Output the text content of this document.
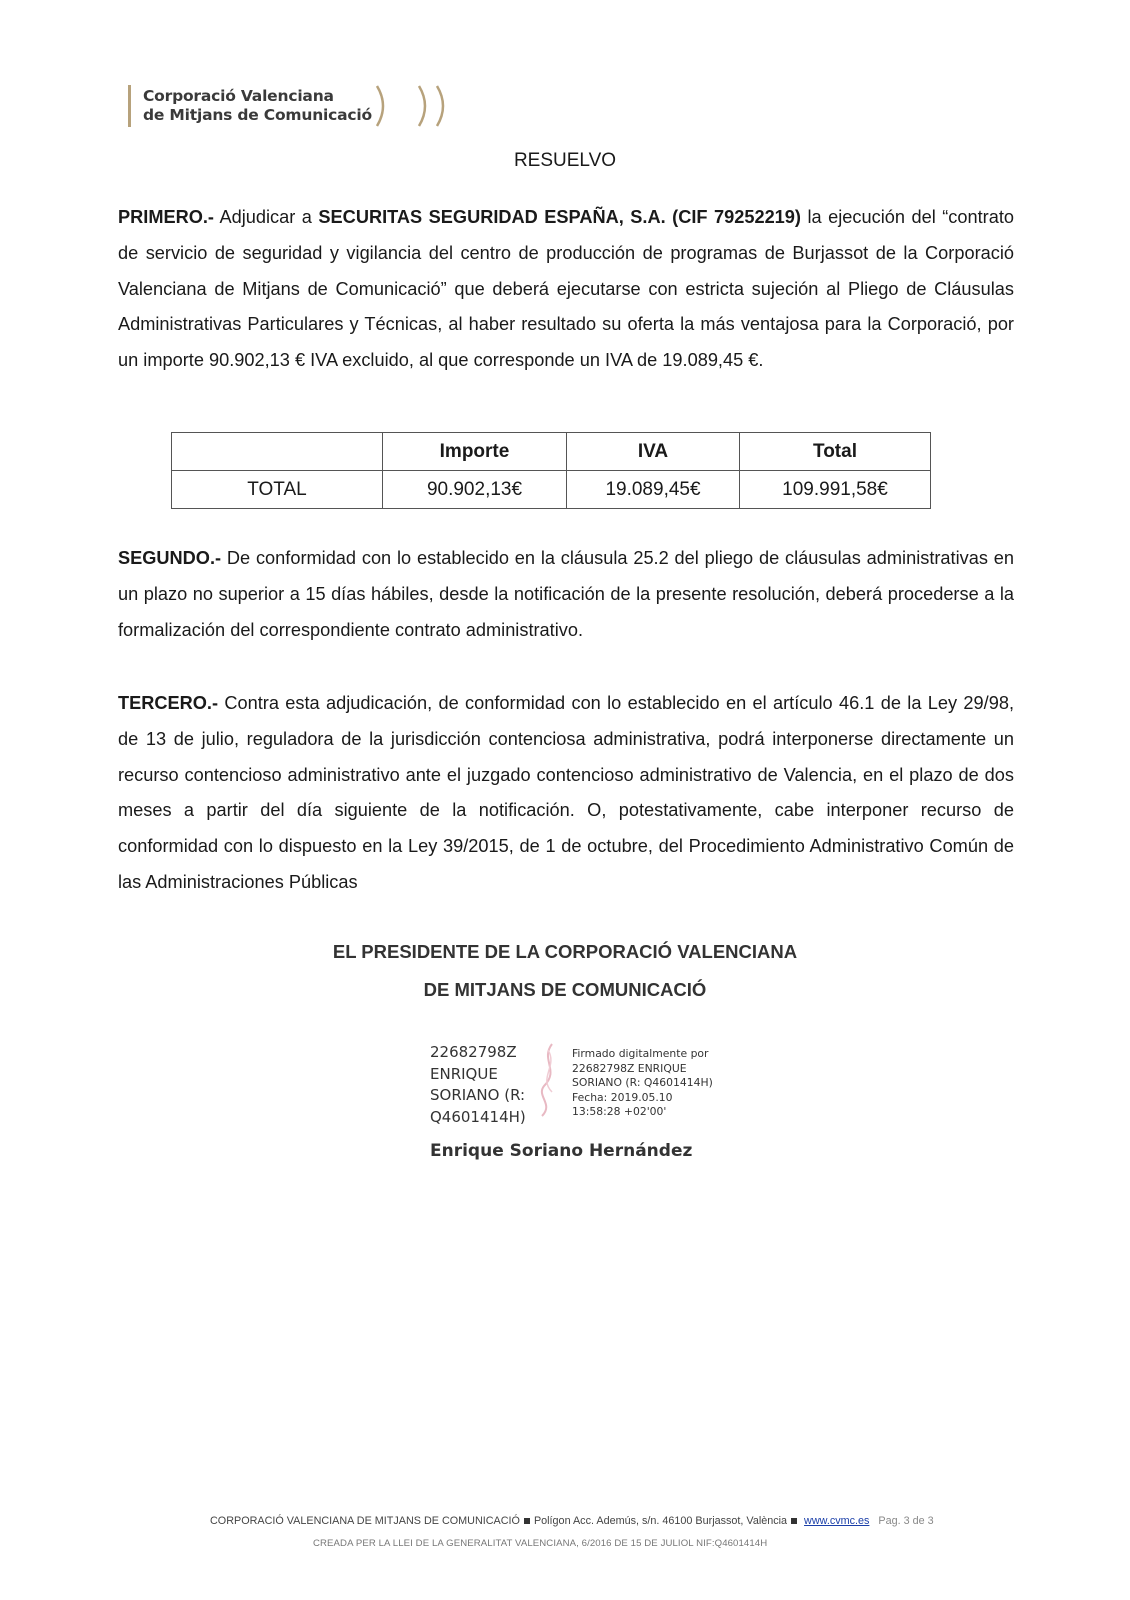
Corporació Valenciana
de Mitjans de Comunicació
RESUELVO

PRIMERO.- Adjudicar a SECURITAS SEGURIDAD ESPAÑA, S.A. (CIF 79252219) la ejecución del “contrato de servicio de seguridad y vigilancia del centro de producción de programas de Burjassot de la Corporació Valenciana de Mitjans de Comunicació” que deberá ejecutarse con estricta sujeción al Pliego de Cláusulas Administrativas Particulares y Técnicas, al haber resultado su oferta la más ventajosa para la Corporació, por un importe 90.902,13 € IVA excluido, al que corresponde un IVA de 19.089,45 €.

	Importe	IVA	Total
TOTAL	90.902,13€	19.089,45€	109.991,58€

SEGUNDO.- De conformidad con lo establecido en la cláusula 25.2 del pliego de cláusulas administrativas en un plazo no superior a 15 días hábiles, desde la notificación de la presente resolución, deberá procederse a la formalización del correspondiente contrato administrativo.

TERCERO.- Contra esta adjudicación, de conformidad con lo establecido en el artículo 46.1 de la Ley 29/98, de 13 de julio, reguladora de la jurisdicción contenciosa administrativa, podrá interponerse directamente un recurso contencioso administrativo ante el juzgado contencioso administrativo de Valencia, en el plazo de dos meses a partir del día siguiente de la notificación. O, potestativamente, cabe interponer recurso de conformidad con lo dispuesto en la Ley 39/2015, de 1 de octubre, del Procedimiento Administrativo Común de las Administraciones Públicas

EL PRESIDENTE DE LA CORPORACIÓ VALENCIANA
DE MITJANS DE COMUNICACIÓ
22682798Z
ENRIQUE
SORIANO (R:
Q4601414H)
Firmado digitalmente por
22682798Z ENRIQUE
SORIANO (R: Q4601414H)
Fecha: 2019.05.10
13:58:28 +02'00'
Enrique Soriano Hernández
CORPORACIÓ VALENCIANA DE MITJANS DE COMUNICACIÓ Polígon Acc. Ademús, s/n. 46100 Burjassot, València www.cvmc.es Pag. 3 de 3
CREADA PER LA LLEI DE LA GENERALITAT VALENCIANA, 6/2016 DE 15 DE JULIOL NIF:Q4601414H
